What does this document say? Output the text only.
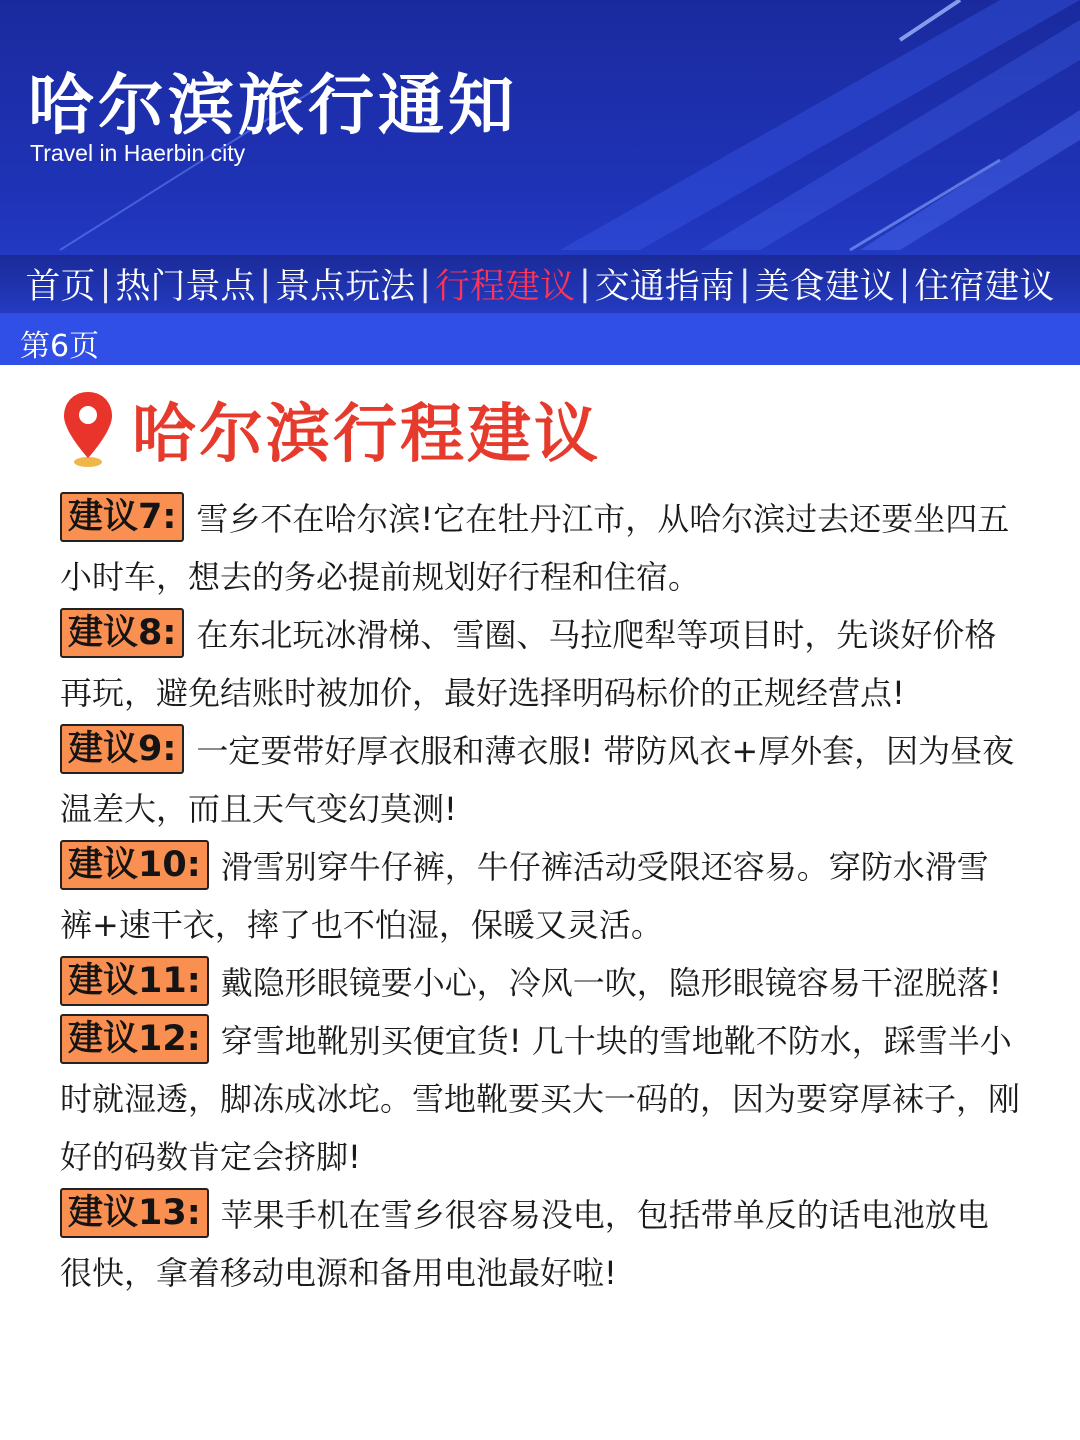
哈尔滨旅行通知
Travel in Haerbin city
首页 | 热门景点 | 景点玩法 | 行程建议 | 交通指南 | 美食建议 | 住宿建议
第6页
哈尔滨行程建议
建议7: 雪乡不在哈尔滨!它在牡丹江市，从哈尔滨过去还要坐四五小时车，想去的务必提前规划好行程和住宿。
建议8: 在东北玩冰滑梯、雪圈、马拉爬犁等项目时，先谈好价格再玩，避免结账时被加价，最好选择明码标价的正规经营点!
建议9: 一定要带好厚衣服和薄衣服! 带防风衣+厚外套，因为昼夜温差大，而且天气变幻莫测!
建议10: 滑雪别穿牛仔裤，牛仔裤活动受限还容易。穿防水滑雪裤+速干衣，摔了也不怕湿，保暖又灵活。
建议11: 戴隐形眼镜要小心，冷风一吹，隐形眼镜容易干涩脱落!
建议12: 穿雪地靴别买便宜货! 几十块的雪地靴不防水，踩雪半小时就湿透，脚冻成冰坨。雪地靴要买大一码的，因为要穿厚袜子，刚好的码数肯定会挤脚!
建议13: 苹果手机在雪乡很容易没电，包括带单反的话电池放电很快，拿着移动电源和备用电池最好啦!
